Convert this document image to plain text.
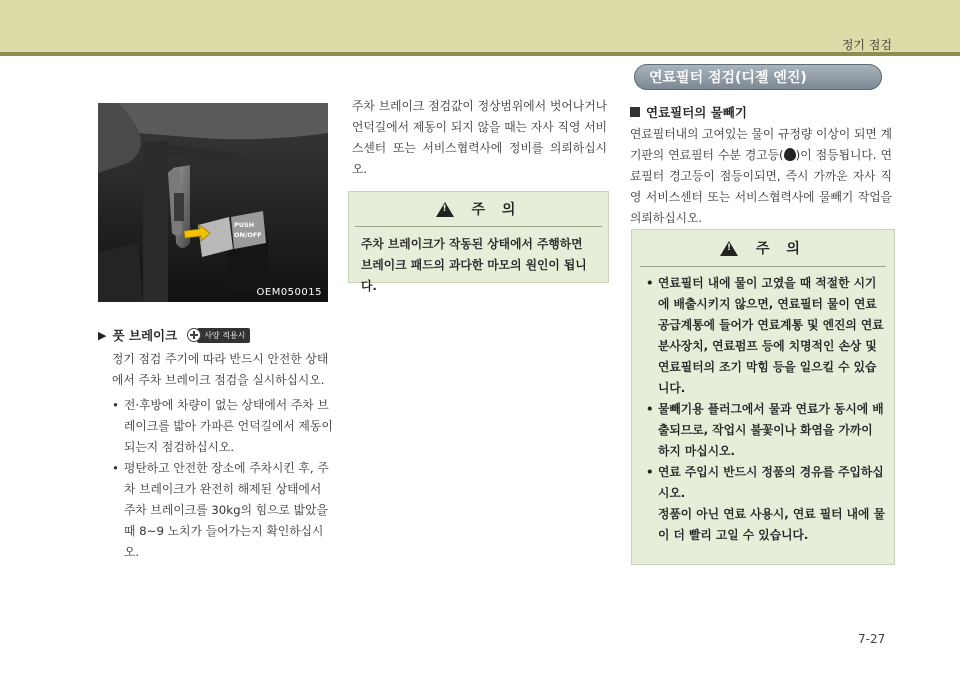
정기 점검
PUSH
ON/OFF
OEM050015
▶ 풋 브레이크	사양 적용시
정기 점검 주기에 따라 반드시 안전한 상태에서 주차 브레이크 점검을 실시하십시오.
• 전·후방에 차량이 없는 상태에서 주차 브레이크를 밟아 가파른 언덕길에서 제동이 되는지 점검하십시오.
• 평탄하고 안전한 장소에 주차시킨 후, 주차 브레이크가 완전히 해제된 상태에서 주차 브레이크를 30kg의 힘으로 밟았을 때 8~9 노치가 들어가는지 확인하십시오.
주차 브레이크 점검값이 정상범위에서 벗어나거나 언덕길에서 제동이 되지 않을 때는 자사 직영 서비스센터 또는 서비스협력사에 정비를 의뢰하십시오.
!
주 의
주차 브레이크가 작동된 상태에서 주행하면 브레이크 패드의 과다한 마모의 원인이 됩니다.
연료필터 점검(디젤 엔진)
연료필터의 물빼기
연료필터내의 고여있는 물이 규정량 이상이 되면 계기판의 연료필터 수분 경고등( )이 점등됩니다. 연료필터 경고등이 점등이되면, 즉시 가까운 자사 직영 서비스센터 또는 서비스협력사에 물빼기 작업을 의뢰하십시오.
!
주 의
• 연료필터 내에 물이 고였을 때 적절한 시기에 배출시키지 않으면, 연료필터 물이 연료공급계통에 들어가 연료계통 및 엔진의 연료분사장치, 연료펌프 등에 치명적인 손상 및 연료필터의 조기 막힘 등을 일으킬 수 있습니다.
• 물빼기용 플러그에서 물과 연료가 동시에 배출되므로, 작업시 불꽃이나 화염을 가까이 하지 마십시오.
• 연료 주입시 반드시 정품의 경유를 주입하십시오.
정품이 아닌 연료 사용시, 연료 필터 내에 물이 더 빨리 고일 수 있습니다.
7-27
